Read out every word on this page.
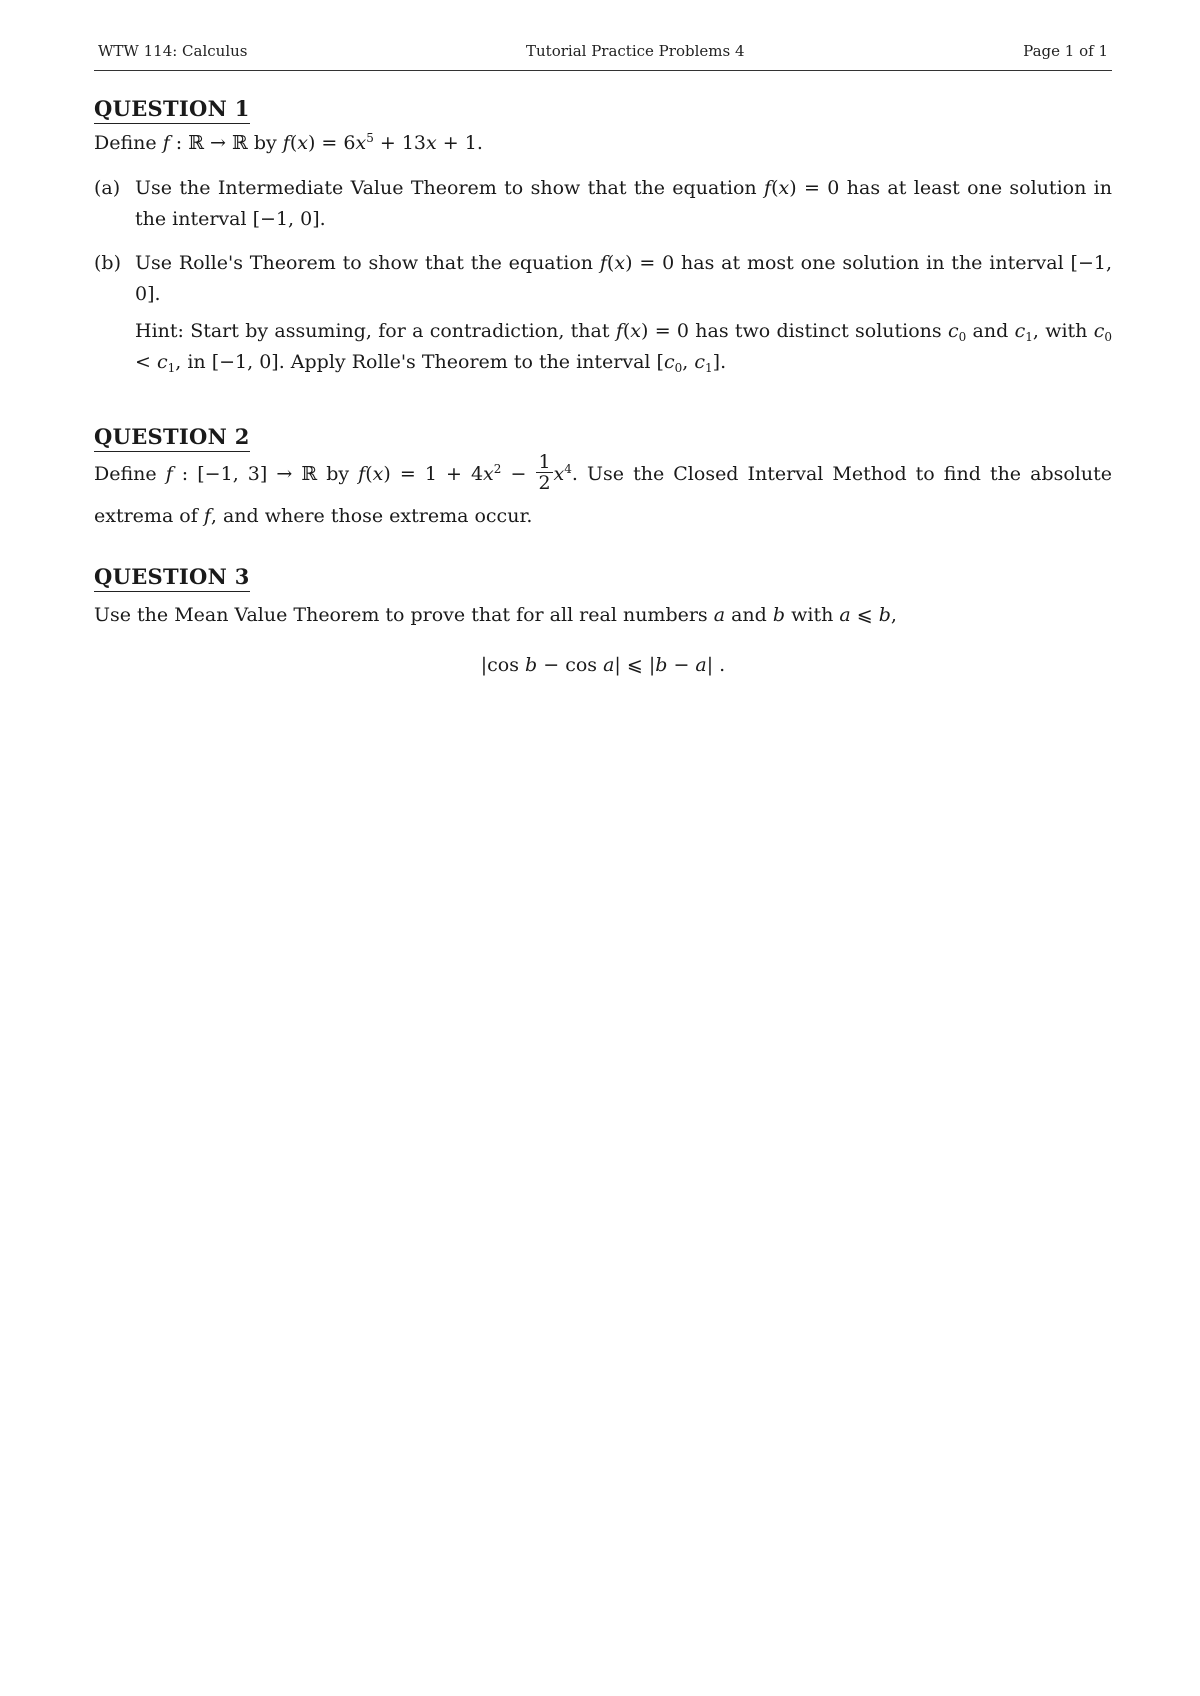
WTW 114: Calculus	Tutorial Practice Problems 4	Page 1 of 1
QUESTION 1
Define f : ℝ → ℝ by $f(x) = 6x^5 + 13x + 1$.
(a) Use the Intermediate Value Theorem to show that the equation f(x) = 0 has at least one solution in the interval [−1, 0].
(b) Use Rolle's Theorem to show that the equation f(x) = 0 has at most one solution in the interval [−1, 0].
Hint: Start by assuming, for a contradiction, that f(x) = 0 has two distinct solutions $c_0$ and $c_1$, with $c_0 < c_1$, in [−1, 0]. Apply Rolle's Theorem to the interval [$c_0$, $c_1$].
QUESTION 2
Define f : [−1, 3] → ℝ by $f(x) = 1 + 4x^2 - \frac{1}{2} x^4$. Use the Closed Interval Method to find the absolute extrema of f, and where those extrema occur.
QUESTION 3
Use the Mean Value Theorem to prove that for all real numbers a and b with a ⩽ b,
|cos b − cos a| ⩽ |b − a| .
